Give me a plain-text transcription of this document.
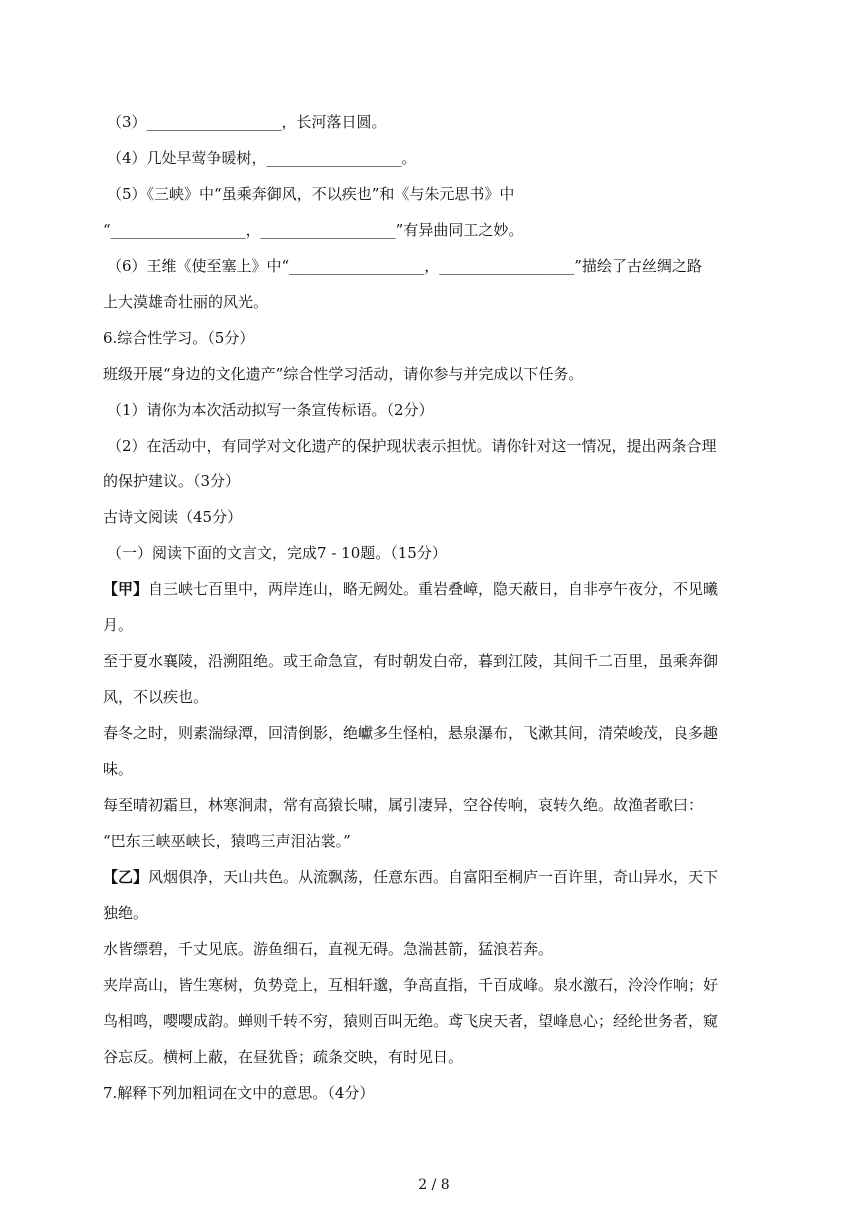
（3）__________________，长河落日圆。
（4）几处早莺争暖树，__________________。
（5）《三峡》中“虽乘奔御风，不以疾也”和《与朱元思书》中
“__________________，__________________”有异曲同工之妙。
（6）王维《使至塞上》中“__________________，__________________”描绘了古丝绸之路
上大漠雄奇壮丽的风光。
6.综合性学习。（5分）
班级开展“身边的文化遗产”综合性学习活动，请你参与并完成以下任务。
（1）请你为本次活动拟写一条宣传标语。（2分）
（2）在活动中，有同学对文化遗产的保护现状表示担忧。请你针对这一情况，提出两条合理
的保护建议。（3分）
古诗文阅读（45分）
（一）阅读下面的文言文，完成7 - 10题。（15分）
【甲】自三峡七百里中，两岸连山，略无阙处。重岩叠嶂，隐天蔽日，自非亭午夜分，不见曦
月。
至于夏水襄陵，沿溯阻绝。或王命急宣，有时朝发白帝，暮到江陵，其间千二百里，虽乘奔御
风，不以疾也。
春冬之时，则素湍绿潭，回清倒影，绝巘多生怪柏，悬泉瀑布，飞漱其间，清荣峻茂，良多趣
味。
每至晴初霜旦，林寒涧肃，常有高猿长啸，属引凄异，空谷传响，哀转久绝。故渔者歌曰：
“巴东三峡巫峡长，猿鸣三声泪沾裳。”
【乙】风烟俱净，天山共色。从流飘荡，任意东西。自富阳至桐庐一百许里，奇山异水，天下
独绝。
水皆缥碧，千丈见底。游鱼细石，直视无碍。急湍甚箭，猛浪若奔。
夹岸高山，皆生寒树，负势竞上，互相轩邈，争高直指，千百成峰。泉水激石，泠泠作响；好
鸟相鸣，嘤嘤成韵。蝉则千转不穷，猿则百叫无绝。鸢飞戾天者，望峰息心；经纶世务者，窥
谷忘反。横柯上蔽，在昼犹昏；疏条交映，有时见日。
7.解释下列加粗词在文中的意思。（4分）
2 / 8
